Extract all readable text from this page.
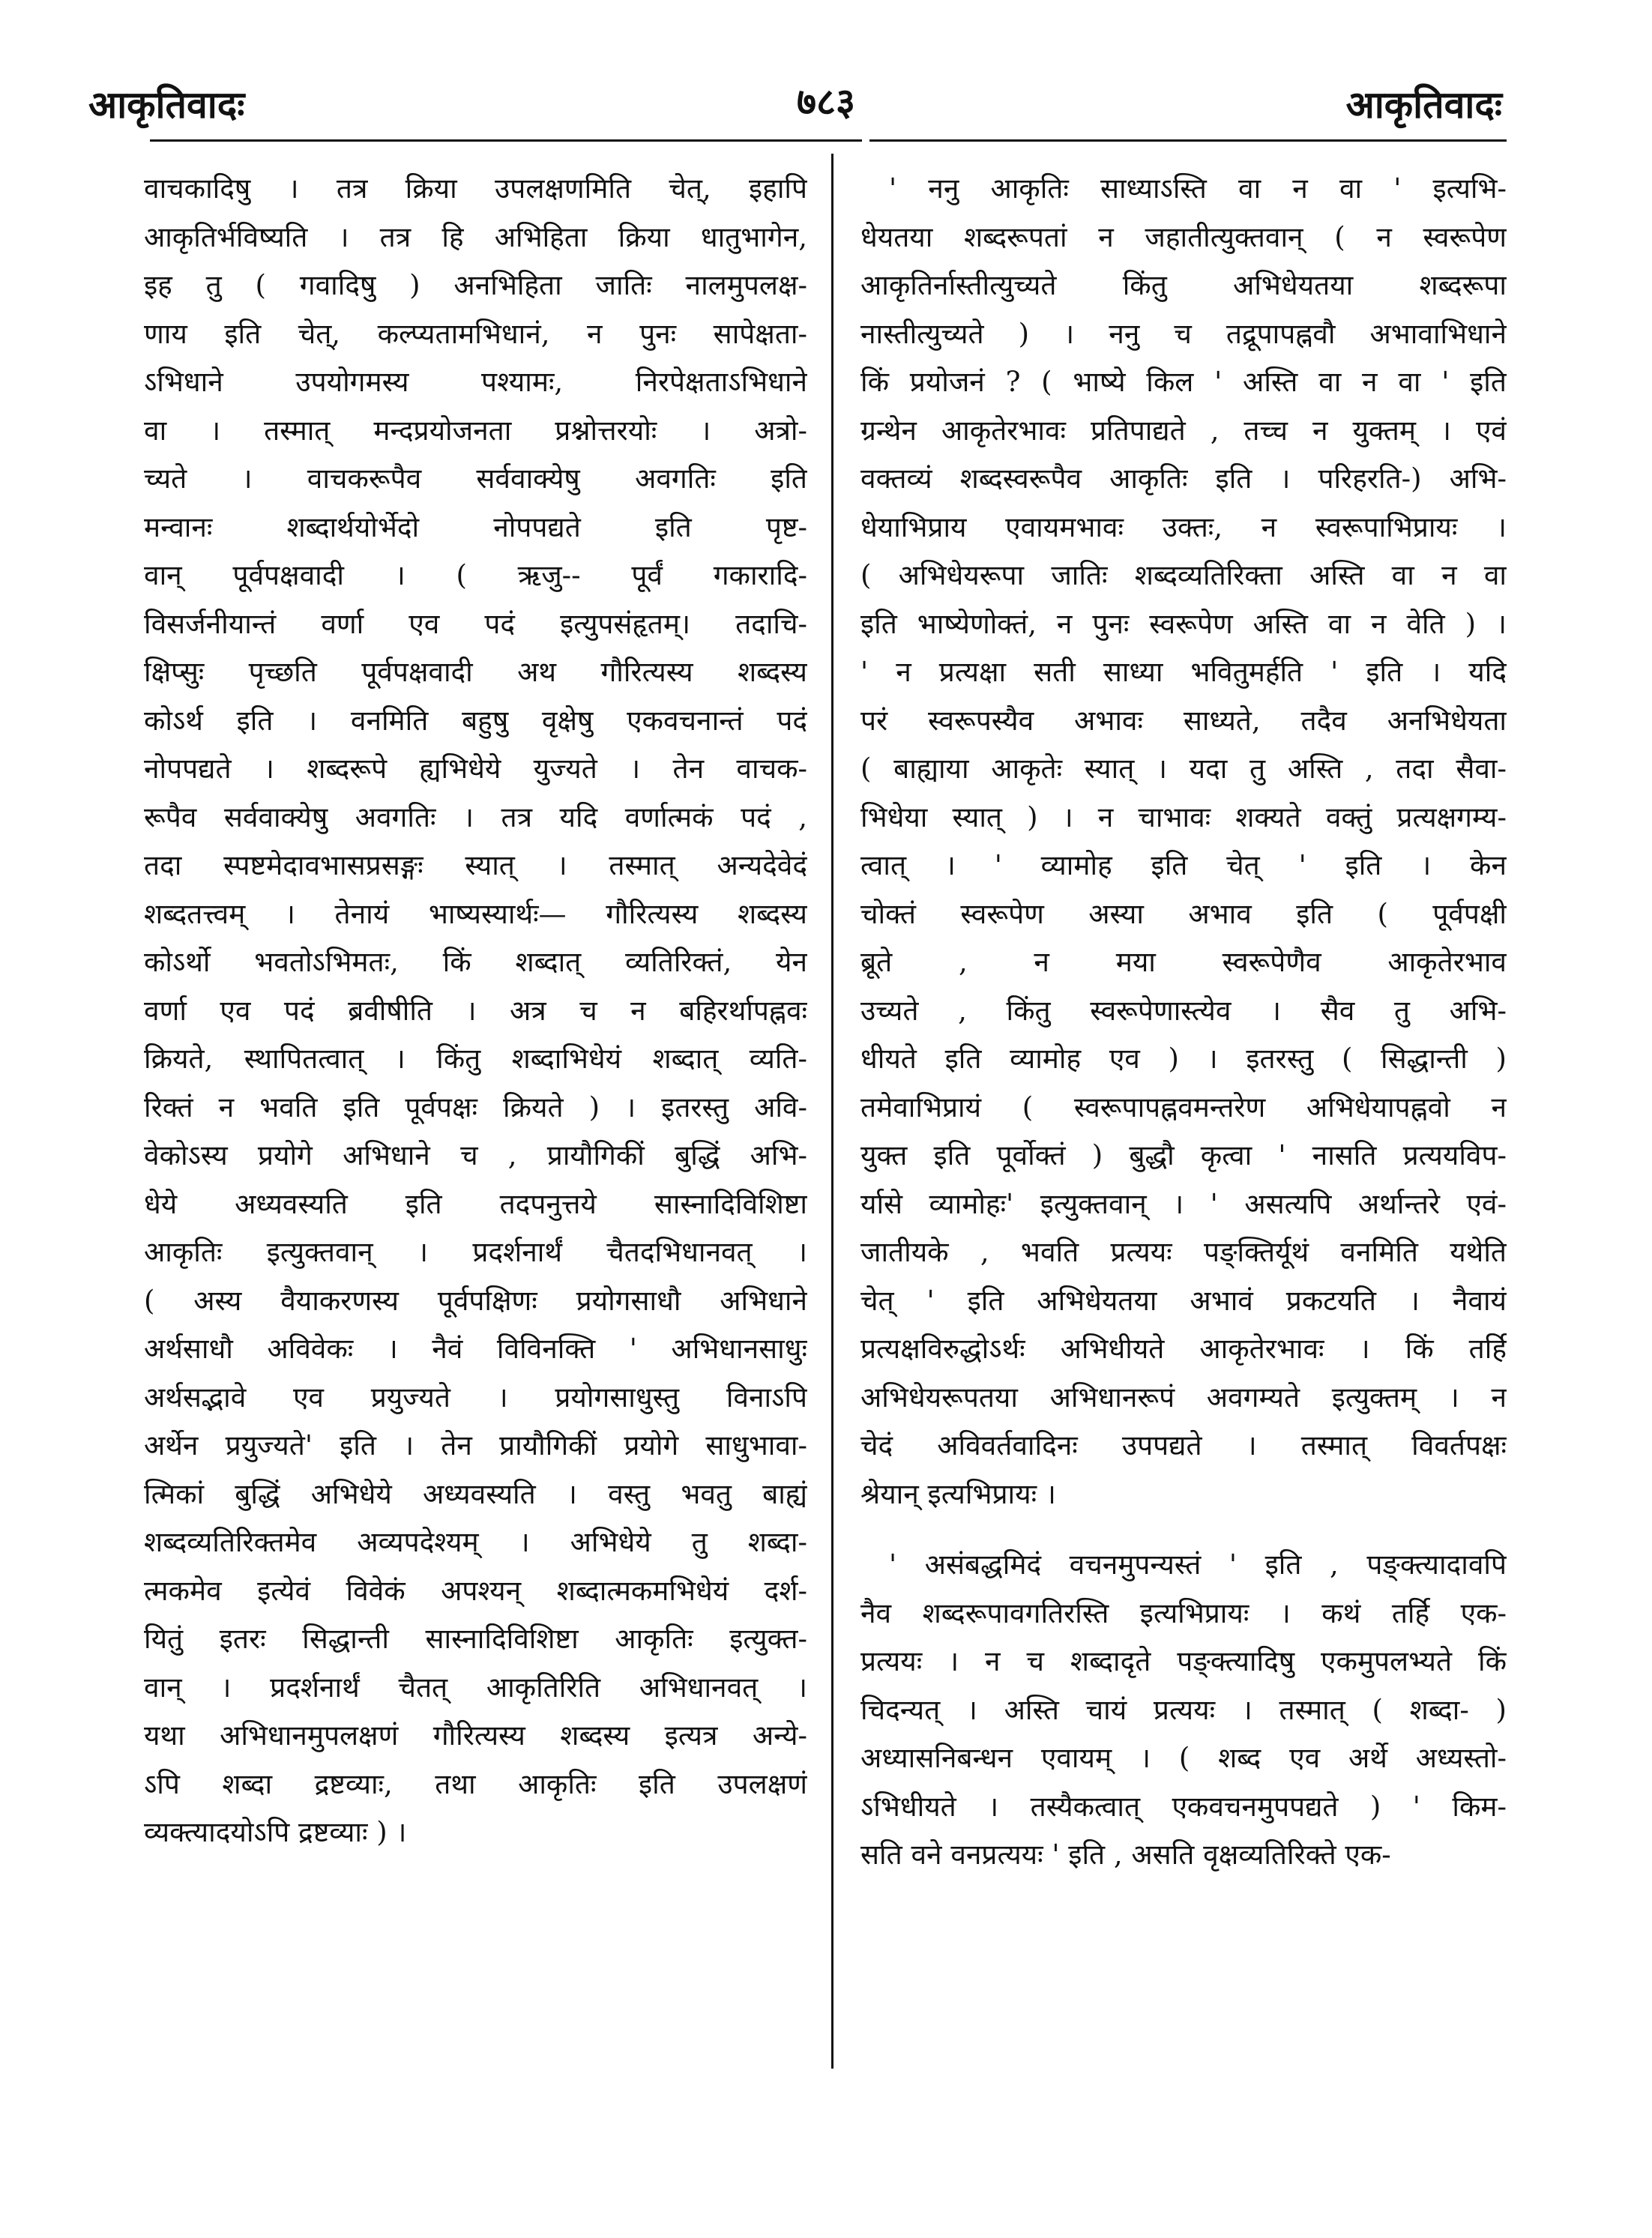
आकृतिवादः	७८३	आकृतिवादः
वाचकादिषु । तत्र क्रिया उपलक्षणमिति चेत्, इहापि
आकृतिर्भविष्यति । तत्र हि अभिहिता क्रिया धातुभागेन,
इह तु ( गवादिषु ) अनभिहिता जातिः नालमुपलक्ष-
णाय इति चेत्, कल्प्यतामभिधानं, न पुनः सापेक्षता-
ऽभिधाने उपयोगमस्य पश्यामः, निरपेक्षताऽभिधाने
वा । तस्मात् मन्दप्रयोजनता प्रश्नोत्तरयोः । अत्रो-
च्यते । वाचकरूपैव सर्ववाक्येषु अवगतिः इति
मन्वानः शब्दार्थयोर्भेदो नोपपद्यते इति पृष्ट-
वान् पूर्वपक्षवादी । ( ऋजु-- पूर्वं गकारादि-
विसर्जनीयान्तं वर्णा एव पदं इत्युपसंहृतम्। तदाचि-
क्षिप्सुः पृच्छति पूर्वपक्षवादी अथ गौरित्यस्य शब्दस्य
कोऽर्थ इति । वनमिति बहुषु वृक्षेषु एकवचनान्तं पदं
नोपपद्यते । शब्दरूपे ह्यभिधेये युज्यते । तेन वाचक-
रूपैव सर्ववाक्येषु अवगतिः । तत्र यदि वर्णात्मकं पदं ,
तदा स्पष्टमेदावभासप्रसङ्गः स्यात् । तस्मात् अन्यदेवेदं
शब्दतत्त्वम् । तेनायं भाष्यस्यार्थः— गौरित्यस्य शब्दस्य
कोऽर्थो भवतोऽभिमतः, किं शब्दात् व्यतिरिक्तं, येन
वर्णा एव पदं ब्रवीषीति । अत्र च न बहिरर्थापह्नवः
क्रियते, स्थापितत्वात् । किंतु शब्दाभिधेयं शब्दात् व्यति-
रिक्तं न भवति इति पूर्वपक्षः क्रियते ) । इतरस्तु अवि-
वेकोऽस्य प्रयोगे अभिधाने च , प्रायौगिकीं बुद्धिं अभि-
धेये अध्यवस्यति इति तदपनुत्तये सास्नादिविशिष्टा
आकृतिः इत्युक्तवान् । प्रदर्शनार्थं चैतदभिधानवत् ।
( अस्य वैयाकरणस्य पूर्वपक्षिणः प्रयोगसाधौ अभिधाने
अर्थसाधौ अविवेकः । नैवं विविनक्ति ' अभिधानसाधुः
अर्थसद्भावे एव प्रयुज्यते । प्रयोगसाधुस्तु विनाऽपि
अर्थेन प्रयुज्यते' इति । तेन प्रायौगिकीं प्रयोगे साधुभावा-
त्मिकां बुद्धिं अभिधेये अध्यवस्यति । वस्तु भवतु बाह्यं
शब्दव्यतिरिक्तमेव अव्यपदेश्यम् । अभिधेये तु शब्दा-
त्मकमेव इत्येवं विवेकं अपश्यन् शब्दात्मकमभिधेयं दर्श-
यितुं इतरः सिद्धान्ती सास्नादिविशिष्टा आकृतिः इत्युक्त-
वान् । प्रदर्शनार्थं चैतत् आकृतिरिति अभिधानवत् ।
यथा अभिधानमुपलक्षणं गौरित्यस्य शब्दस्य इत्यत्र अन्ये-
ऽपि शब्दा द्रष्टव्याः, तथा आकृतिः इति उपलक्षणं
व्यक्त्यादयोऽपि द्रष्टव्याः ) ।
' ननु आकृतिः साध्याऽस्ति वा न वा ' इत्यभि-
धेयतया शब्दरूपतां न जहातीत्युक्तवान् ( न स्वरूपेण
आकृतिर्नास्तीत्युच्यते किंतु अभिधेयतया शब्दरूपा
नास्तीत्युच्यते ) । ननु च तद्रूपापह्नवौ अभावाभिधाने
किं प्रयोजनं ? ( भाष्ये किल ' अस्ति वा न वा ' इति
ग्रन्थेन आकृतेरभावः प्रतिपाद्यते , तच्च न युक्तम् । एवं
वक्तव्यं शब्दस्वरूपैव आकृतिः इति । परिहरति-) अभि-
धेयाभिप्राय एवायमभावः उक्तः, न स्वरूपाभिप्रायः ।
( अभिधेयरूपा जातिः शब्दव्यतिरिक्ता अस्ति वा न वा
इति भाष्येणोक्तं, न पुनः स्वरूपेण अस्ति वा न वेति ) ।
' न प्रत्यक्षा सती साध्या भवितुमर्हति ' इति । यदि
परं स्वरूपस्यैव अभावः साध्यते, तदैव अनभिधेयता
( बाह्याया आकृतेः स्यात् । यदा तु अस्ति , तदा सैवा-
भिधेया स्यात् ) । न चाभावः शक्यते वक्तुं प्रत्यक्षगम्य-
त्वात् । ' व्यामोह इति चेत् ' इति । केन
चोक्तं स्वरूपेण अस्या अभाव इति ( पूर्वपक्षी
ब्रूते , न मया स्वरूपेणैव आकृतेरभाव
उच्यते , किंतु स्वरूपेणास्त्येव । सैव तु अभि-
धीयते इति व्यामोह एव ) । इतरस्तु ( सिद्धान्ती )
तमेवाभिप्रायं ( स्वरूपापह्नवमन्तरेण अभिधेयापह्नवो न
युक्त इति पूर्वोक्तं ) बुद्धौ कृत्वा ' नासति प्रत्ययविप-
र्यासे व्यामोहः' इत्युक्तवान् । ' असत्यपि अर्थान्तरे एवं-
जातीयके , भवति प्रत्ययः पङ्क्तिर्यूथं वनमिति यथेति
चेत् ' इति अभिधेयतया अभावं प्रकटयति । नैवायं
प्रत्यक्षविरुद्धोऽर्थः अभिधीयते आकृतेरभावः । किं तर्हि
अभिधेयरूपतया अभिधानरूपं अवगम्यते इत्युक्तम् । न
चेदं अविवर्तवादिनः उपपद्यते । तस्मात् विवर्तपक्षः
श्रेयान् इत्यभिप्रायः ।
' असंबद्धमिदं वचनमुपन्यस्तं ' इति , पङ्क्त्यादावपि
नैव शब्दरूपावगतिरस्ति इत्यभिप्रायः । कथं तर्हि एक-
प्रत्ययः । न च शब्दादृते पङ्क्त्यादिषु एकमुपलभ्यते किं
चिदन्यत् । अस्ति चायं प्रत्ययः । तस्मात् ( शब्दा- )
अध्यासनिबन्धन एवायम् । ( शब्द एव अर्थे अध्यस्तो-
ऽभिधीयते । तस्यैकत्वात् एकवचनमुपपद्यते ) ' किम-
सति वने वनप्रत्ययः ' इति , असति वृक्षव्यतिरिक्ते एक-
